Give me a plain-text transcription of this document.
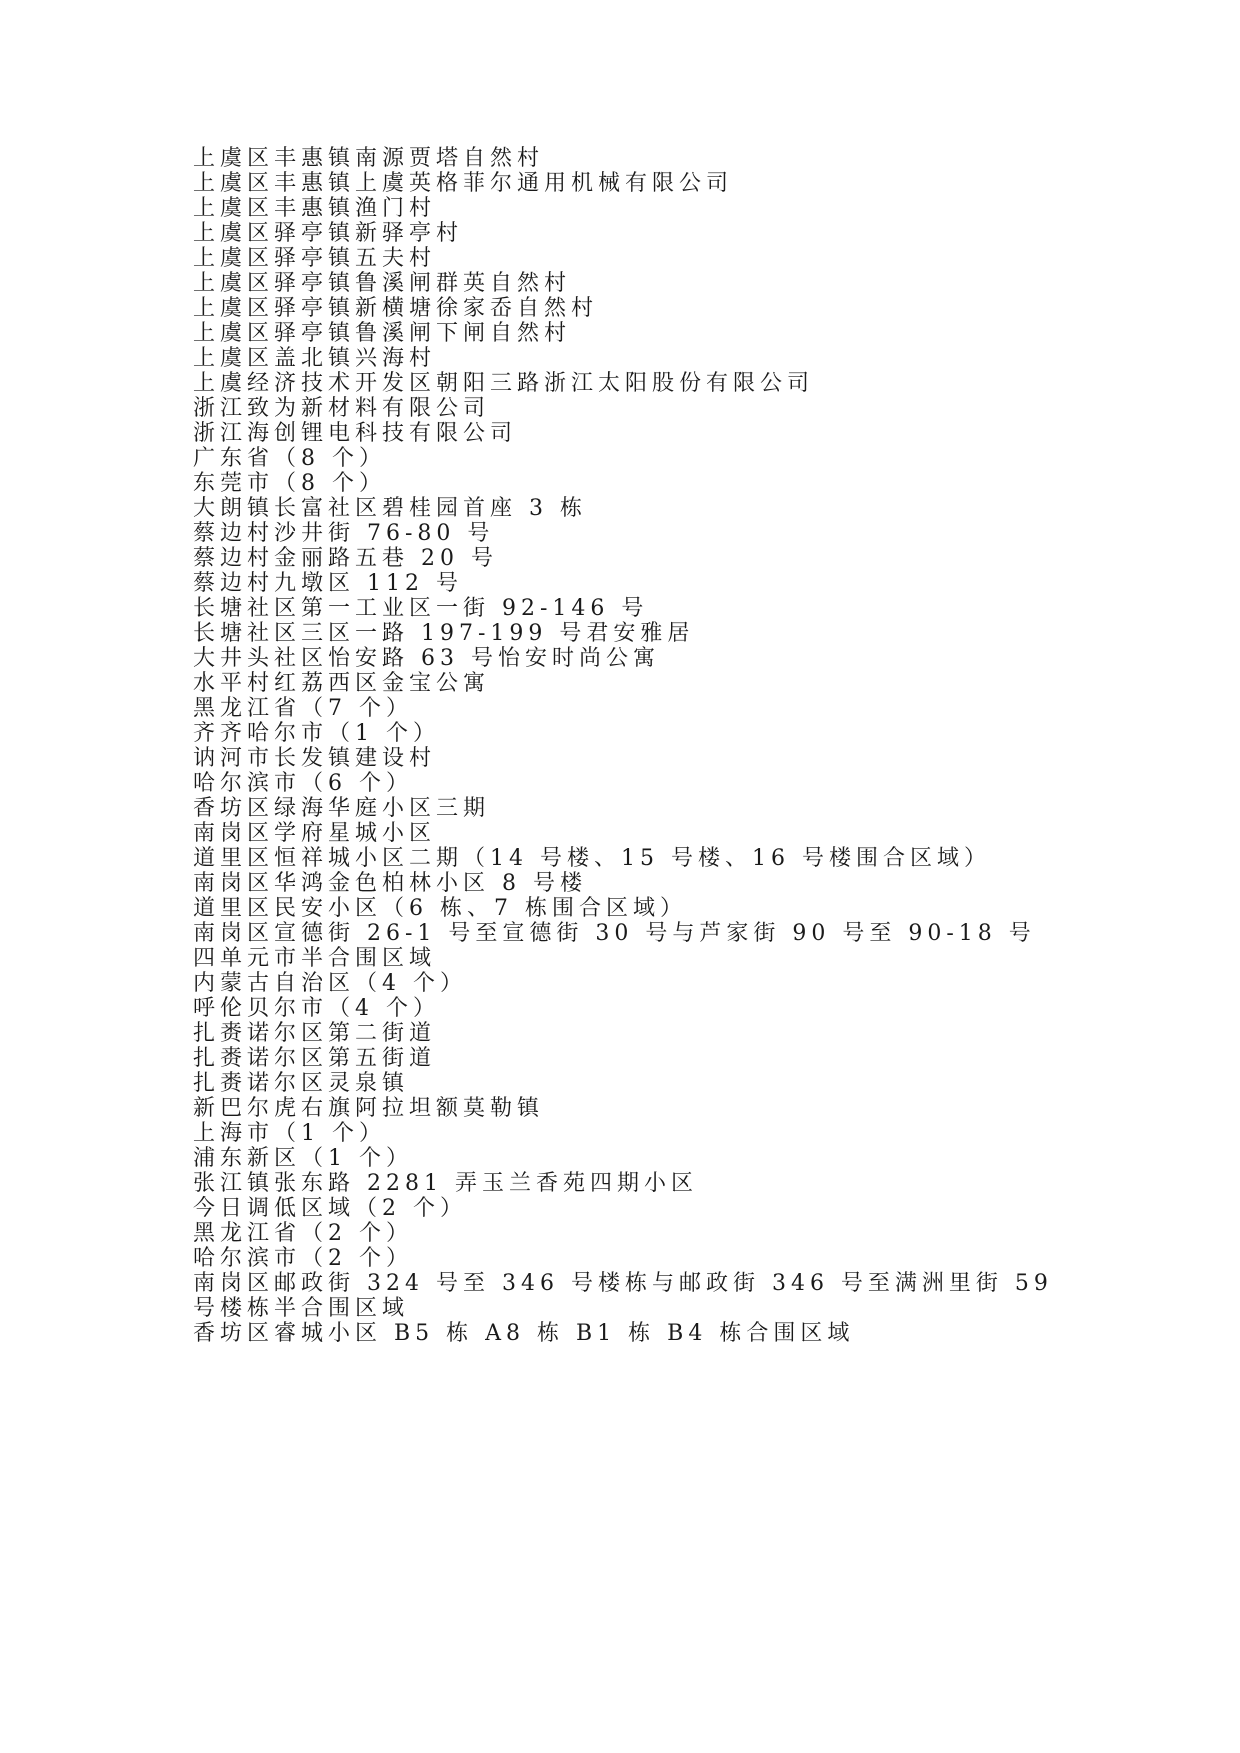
上虞区丰惠镇南源贾塔自然村
上虞区丰惠镇上虞英格菲尔通用机械有限公司
上虞区丰惠镇渔门村
上虞区驿亭镇新驿亭村
上虞区驿亭镇五夫村
上虞区驿亭镇鲁溪闸群英自然村
上虞区驿亭镇新横塘徐家岙自然村
上虞区驿亭镇鲁溪闸下闸自然村
上虞区盖北镇兴海村
上虞经济技术开发区朝阳三路浙江太阳股份有限公司
浙江致为新材料有限公司
浙江海创锂电科技有限公司
广东省（8 个）
东莞市（8 个）
大朗镇长富社区碧桂园首座 3 栋
蔡边村沙井街 76-80 号
蔡边村金丽路五巷 20 号
蔡边村九墩区 112 号
长塘社区第一工业区一街 92-146 号
长塘社区三区一路 197-199 号君安雅居
大井头社区怡安路 63 号怡安时尚公寓
水平村红荔西区金宝公寓
黑龙江省（7 个）
齐齐哈尔市（1 个）
讷河市长发镇建设村
哈尔滨市（6 个）
香坊区绿海华庭小区三期
南岗区学府星城小区
道里区恒祥城小区二期（14 号楼、15 号楼、16 号楼围合区域）
南岗区华鸿金色柏林小区 8 号楼
道里区民安小区（6 栋、7 栋围合区域）
南岗区宣德街 26-1 号至宣德街 30 号与芦家街 90 号至 90-18 号四单元市半合围区域
内蒙古自治区（4 个）
呼伦贝尔市（4 个）
扎赉诺尔区第二街道
扎赉诺尔区第五街道
扎赉诺尔区灵泉镇
新巴尔虎右旗阿拉坦额莫勒镇
上海市（1 个）
浦东新区（1 个）
张江镇张东路 2281 弄玉兰香苑四期小区
今日调低区域（2 个）
黑龙江省（2 个）
哈尔滨市（2 个）
南岗区邮政街 324 号至 346 号楼栋与邮政街 346 号至满洲里街 59 号楼栋半合围区域
香坊区睿城小区 B5 栋 A8 栋 B1 栋 B4 栋合围区域
